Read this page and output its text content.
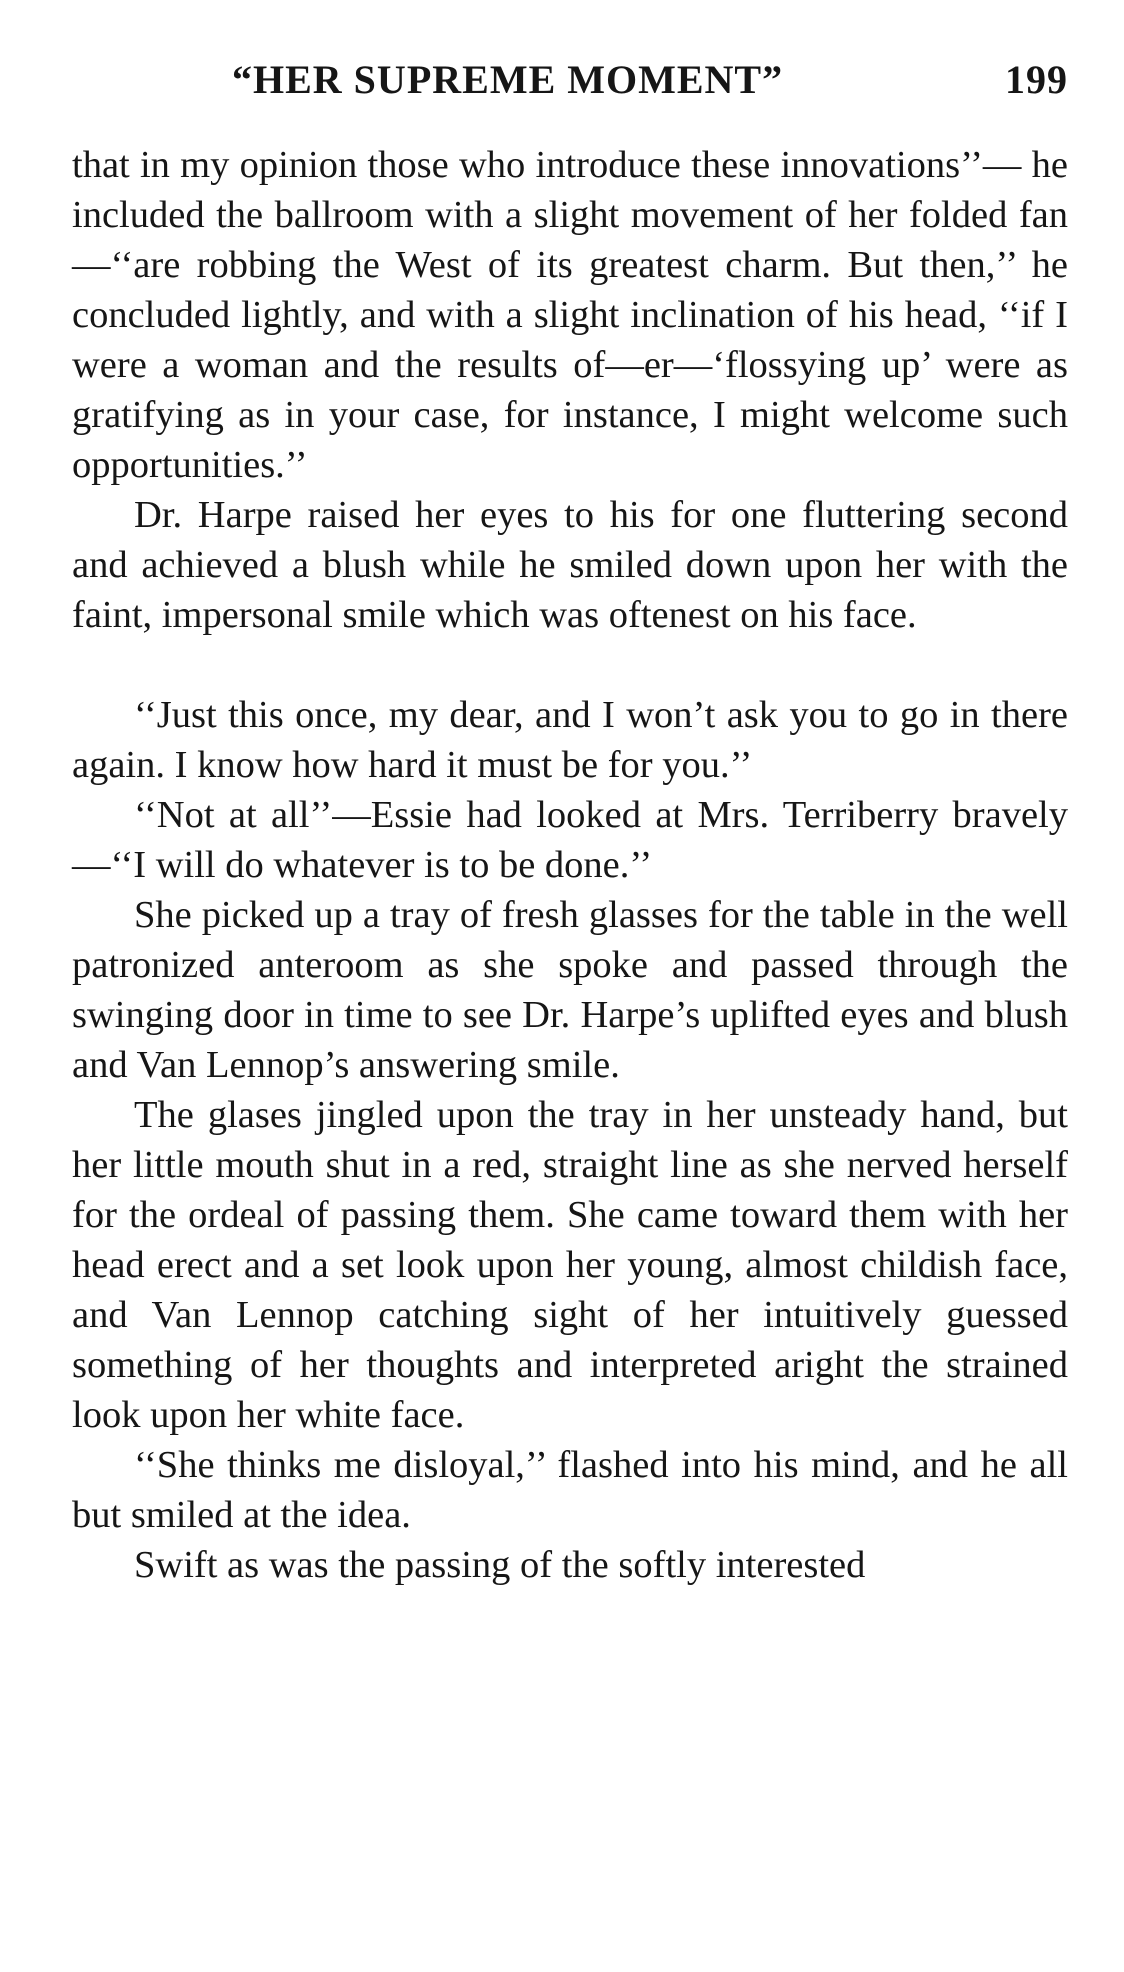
“HER SUPREME MOMENT”	199

that in my opinion those who introduce these innovations’’— he included the ballroom with a slight movement of her folded fan—‘‘are robbing the West of its greatest charm. But then,’’ he concluded lightly, and with a slight inclination of his head, ‘‘if I were a woman and the results of—er—‘flossying up’ were as gratifying as in your case, for instance, I might welcome such opportunities.’’

Dr. Harpe raised her eyes to his for one fluttering second and achieved a blush while he smiled down upon her with the faint, impersonal smile which was oftenest on his face.

‘‘Just this once, my dear, and I won’t ask you to go in there again. I know how hard it must be for you.’’

‘‘Not at all’’—Essie had looked at Mrs. Terriberry bravely—‘‘I will do whatever is to be done.’’

She picked up a tray of fresh glasses for the table in the well patronized anteroom as she spoke and passed through the swinging door in time to see Dr. Harpe’s uplifted eyes and blush and Van Lennop’s answering smile.

The glases jingled upon the tray in her unsteady hand, but her little mouth shut in a red, straight line as she nerved herself for the ordeal of passing them. She came toward them with her head erect and a set look upon her young, almost childish face, and Van Lennop catching sight of her intuitively guessed something of her thoughts and interpreted aright the strained look upon her white face.

‘‘She thinks me disloyal,’’ flashed into his mind, and he all but smiled at the idea.

Swift as was the passing of the softly interested
